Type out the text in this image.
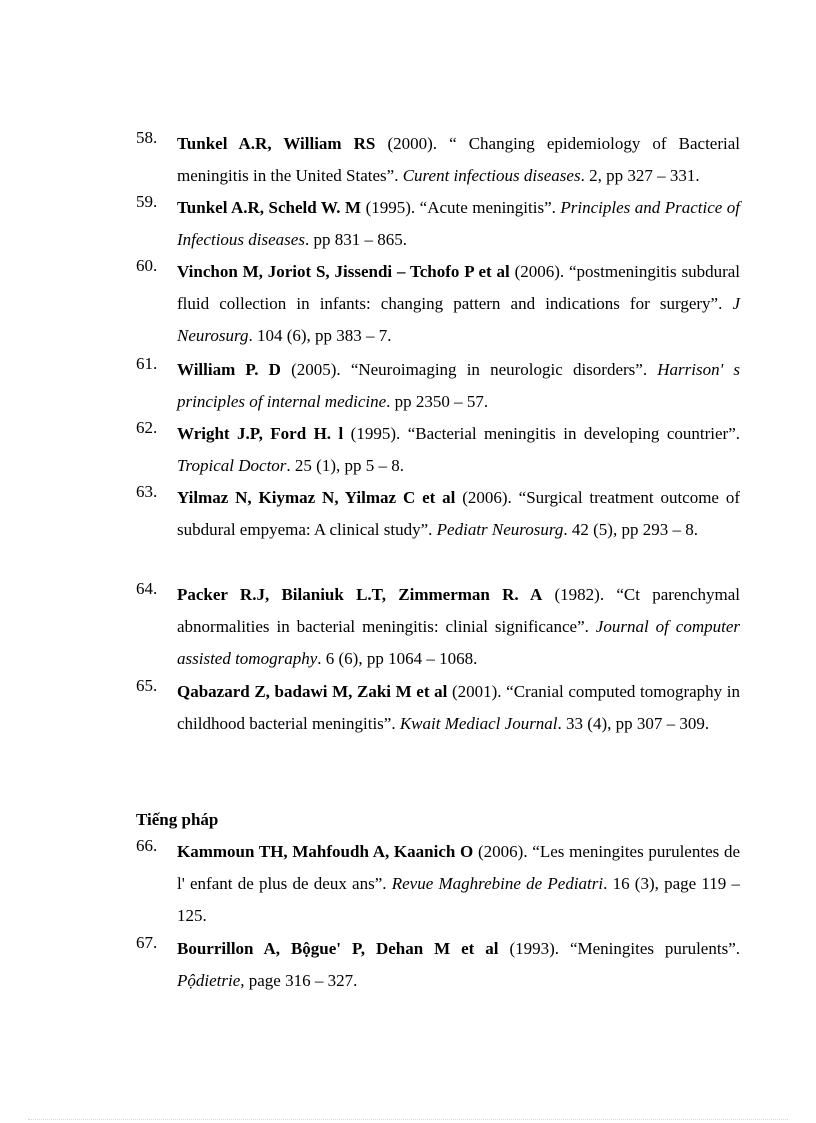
58.	Tunkel A.R, William RS (2000). “ Changing epidemiology of Bacterial meningitis in the United States”. Curent infectious diseases. 2, pp 327 – 331.
59.	Tunkel A.R, Scheld W. M (1995). “Acute meningitis”. Principles and Practice of Infectious diseases. pp 831 – 865.
60.	Vinchon M, Joriot S, Jissendi – Tchofo P et al (2006). “postmeningitis subdural fluid collection in infants: changing pattern and indications for surgery”. J Neurosurg. 104 (6), pp 383 – 7.
61.	William P. D (2005). “Neuroimaging in neurologic disorders”. Harrison' s principles of internal medicine. pp 2350 – 57.
62.	Wright J.P, Ford H. l (1995). “Bacterial meningitis in developing countrier”. Tropical Doctor. 25 (1), pp 5 – 8.
63.	Yilmaz N, Kiymaz N, Yilmaz C et al (2006). “Surgical treatment outcome of subdural empyema: A clinical study”. Pediatr Neurosurg. 42 (5), pp 293 – 8.
64.	Packer R.J, Bilaniuk L.T, Zimmerman R. A (1982). “Ct parenchymal abnormalities in bacterial meningitis: clinial significance”. Journal of computer assisted tomography. 6 (6), pp 1064 – 1068.
65.	Qabazard Z, badawi M, Zaki M et al (2001). “Cranial computed tomography in childhood bacterial meningitis”. Kwait Mediacl Journal. 33 (4), pp 307 – 309.
Tiếng pháp
66.	Kammoun TH, Mahfoudh A, Kaanich O (2006). “Les meningites purulentes de l' enfant de plus de deux ans”. Revue Maghrebine de Pediatri. 16 (3), page 119 – 125.
67.	Bourrillon A, Bộgue' P, Dehan M et al (1993). “Meningites purulents”. Pộdietrie, page 316 – 327.
